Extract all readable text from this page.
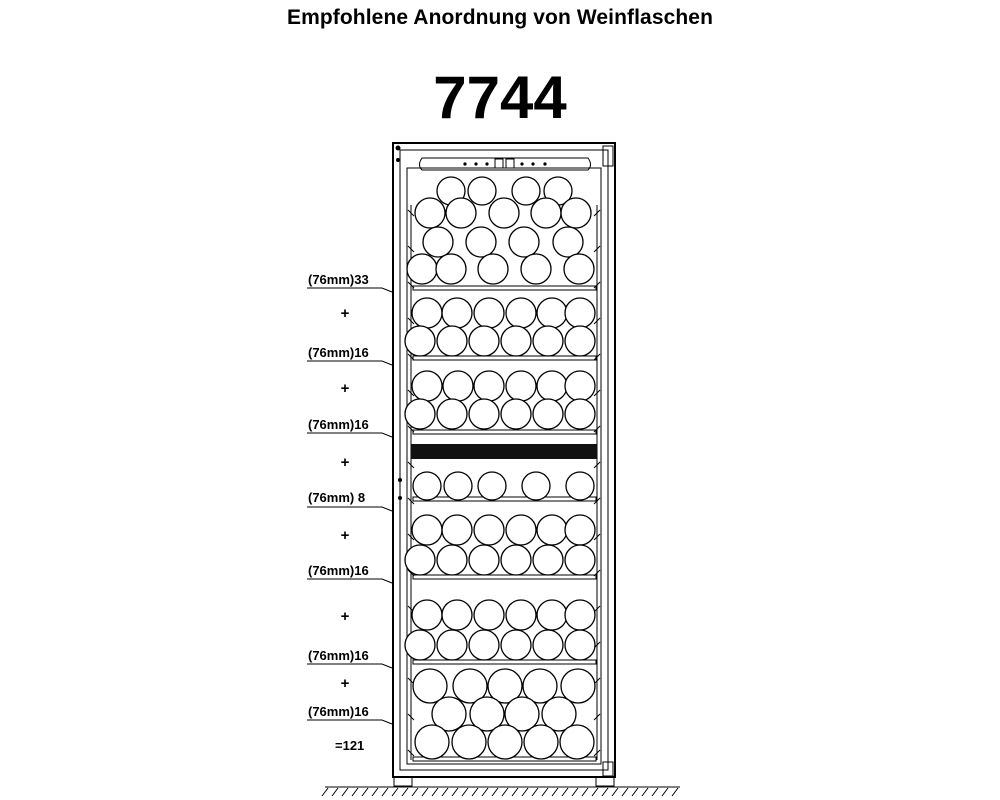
Empfohlene Anordnung von Weinflaschen
7744
(76mm)33
+
(76mm)16
+
(76mm)16
+
(76mm) 8
+
(76mm)16
+
(76mm)16
+
(76mm)16
=121
